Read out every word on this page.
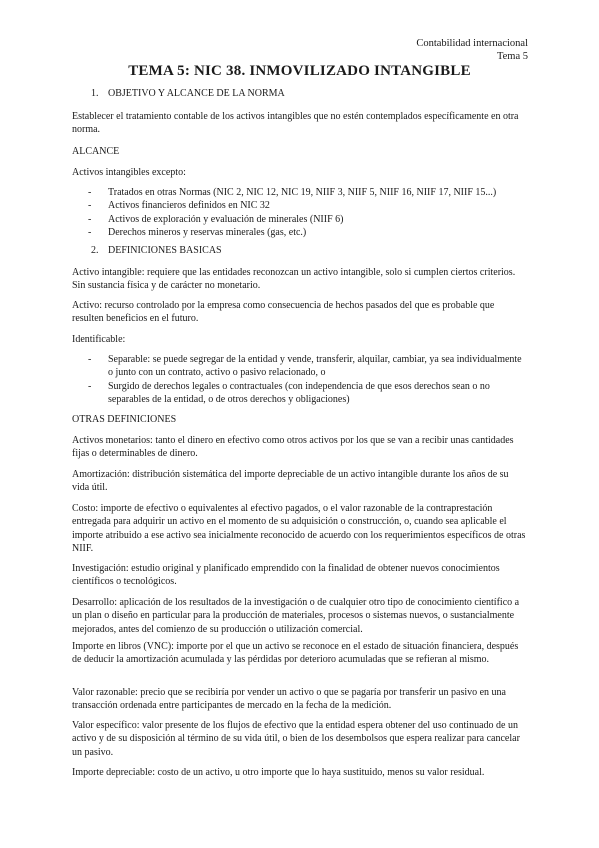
Contabilidad internacional
Tema 5
TEMA 5: NIC 38. INMOVILIZADO INTANGIBLE
1. OBJETIVO Y ALCANCE DE LA NORMA
Establecer el tratamiento contable de los activos intangibles que no estén contemplados específicamente en otra norma.
ALCANCE
Activos intangibles excepto:
- Tratados en otras Normas (NIC 2, NIC 12, NIC 19, NIIF 3, NIIF 5, NIIF 16, NIIF 17, NIIF 15...)
- Activos financieros definidos en NIC 32
- Activos de exploración y evaluación de minerales (NIIF 6)
- Derechos mineros y reservas minerales (gas, etc.)
2. DEFINICIONES BASICAS
Activo intangible: requiere que las entidades reconozcan un activo intangible, solo si cumplen ciertos criterios. Sin sustancia física y de carácter no monetario.
Activo: recurso controlado por la empresa como consecuencia de hechos pasados del que es probable que resulten beneficios en el futuro.
Identificable:
- Separable: se puede segregar de la entidad y vende, transferir, alquilar, cambiar, ya sea individualmente o junto con un contrato, activo o pasivo relacionado, o
- Surgido de derechos legales o contractuales (con independencia de que esos derechos sean o no separables de la entidad, o de otros derechos y obligaciones)
OTRAS DEFINICIONES
Activos monetarios: tanto el dinero en efectivo como otros activos por los que se van a recibir unas cantidades fijas o determinables de dinero.
Amortización: distribución sistemática del importe depreciable de un activo intangible durante los años de su vida útil.
Costo: importe de efectivo o equivalentes al efectivo pagados, o el valor razonable de la contraprestación entregada para adquirir un activo en el momento de su adquisición o construcción, o, cuando sea aplicable el importe atribuido a ese activo sea inicialmente reconocido de acuerdo con los requerimientos específicos de otras NIIF.
Investigación: estudio original y planificado emprendido con la finalidad de obtener nuevos conocimientos científicos o tecnológicos.
Desarrollo: aplicación de los resultados de la investigación o de cualquier otro tipo de conocimiento científico a un plan o diseño en particular para la producción de materiales, procesos o sistemas nuevos, o sustancialmente mejorados, antes del comienzo de su producción o utilización comercial.
Importe en libros (VNC): importe por el que un activo se reconoce en el estado de situación financiera, después de deducir la amortización acumulada y las pérdidas por deterioro acumuladas que se refieran al mismo.
Valor razonable: precio que se recibiría por vender un activo o que se pagaría por transferir un pasivo en una transacción ordenada entre participantes de mercado en la fecha de la medición.
Valor específico: valor presente de los flujos de efectivo que la entidad espera obtener del uso continuado de un activo y de su disposición al término de su vida útil, o bien de los desembolsos que espera realizar para cancelar un pasivo.
Importe depreciable: costo de un activo, u otro importe que lo haya sustituido, menos su valor residual.
